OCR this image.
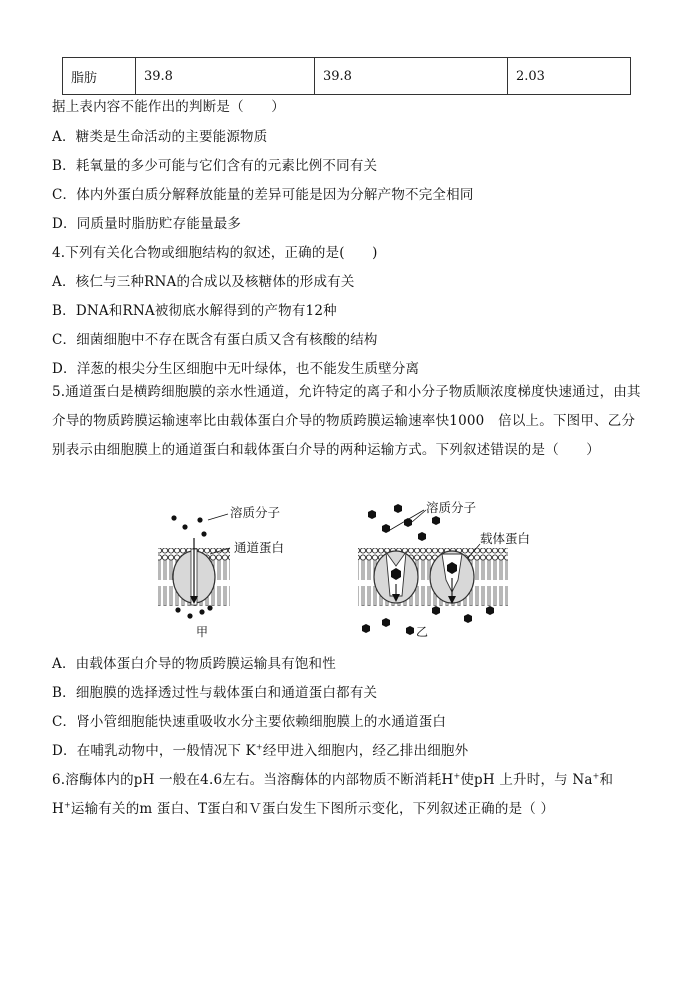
脂肪	39.8	39.8	2.03
据上表内容不能作出的判断是（　　）
A．糖类是生命活动的主要能源物质
B．耗氧量的多少可能与它们含有的元素比例不同有关
C．体内外蛋白质分解释放能量的差异可能是因为分解产物不完全相同
D．同质量时脂肪贮存能量最多
4.下列有关化合物或细胞结构的叙述，正确的是(　　)
A．核仁与三种RNA的合成以及核糖体的形成有关
B．DNA和RNA被彻底水解得到的产物有12种
C．细菌细胞中不存在既含有蛋白质又含有核酸的结构
D．洋葱的根尖分生区细胞中无叶绿体，也不能发生质壁分离
5.通道蛋白是横跨细胞膜的亲水性通道，允许特定的离子和小分子物质顺浓度梯度快速通过，由其介导的物质跨膜运输速率比由载体蛋白介导的物质跨膜运输速率快1000　倍以上。下图甲、乙分别表示由细胞膜上的通道蛋白和载体蛋白介导的两种运输方式。下列叙述错误的是（　　）
溶质分子
通道蛋白
甲
溶质分子
载体蛋白
乙
A．由载体蛋白介导的物质跨膜运输具有饱和性
B．细胞膜的选择透过性与载体蛋白和通道蛋白都有关
C．肾小管细胞能快速重吸收水分主要依赖细胞膜上的水通道蛋白
D．在哺乳动物中，一般情况下 K+经甲进入细胞内，经乙排出细胞外
6.溶酶体内的pH 一般在4.6左右。当溶酶体的内部物质不断消耗H+使pH 上升时，与 Na+和
H+运输有关的m 蛋白、T蛋白和Ｖ蛋白发生下图所示变化，下列叙述正确的是（ ）
